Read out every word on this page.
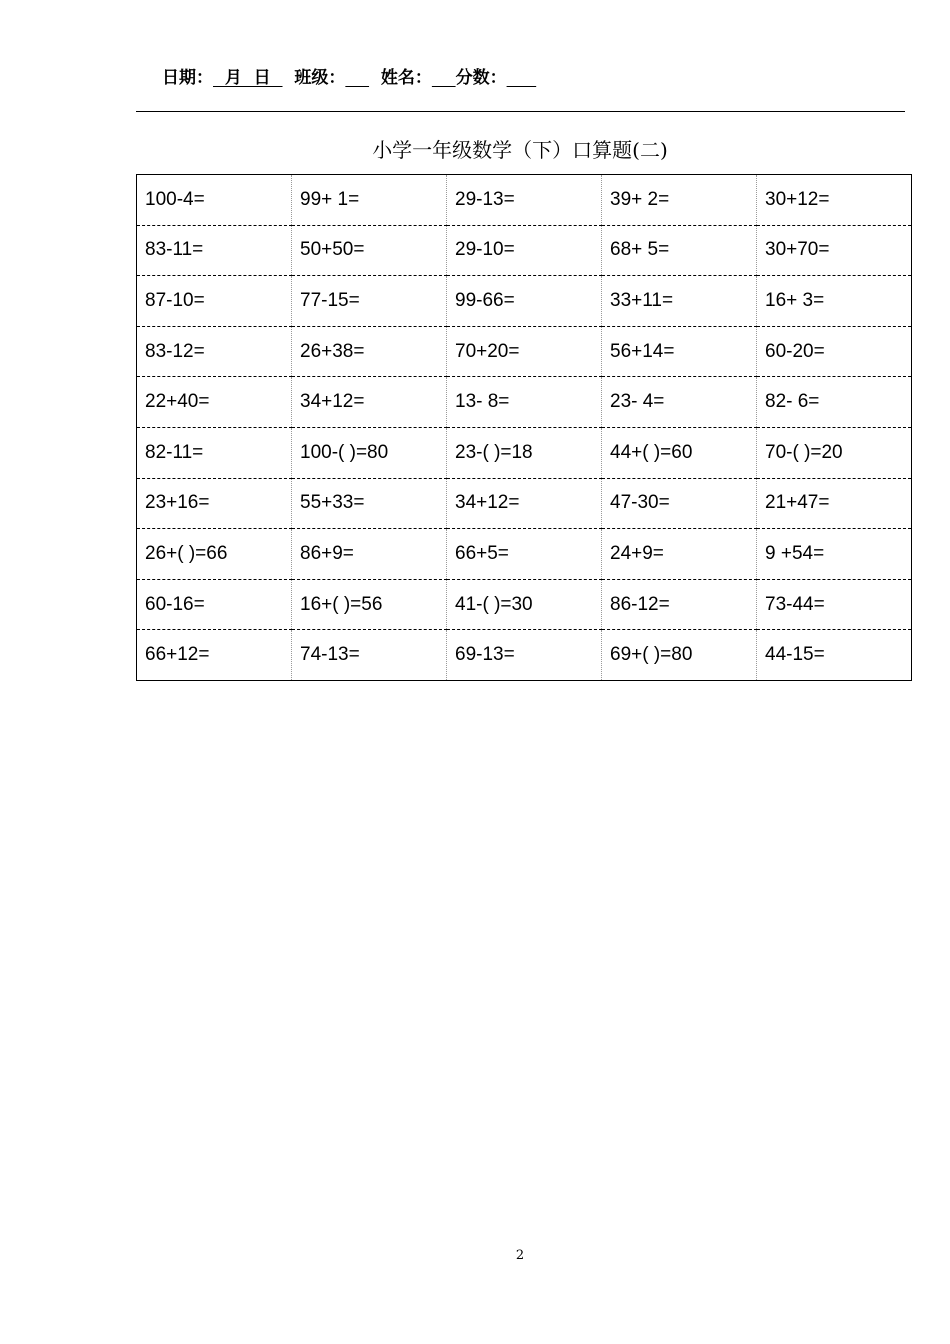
日期：  月  日    班级： 姓名： 分数：
小学一年级数学（下）口算题(二)
100-4=	99+ 1=	29-13=	39+ 2=	30+12=
83-11=	50+50=	29-10=	68+ 5=	30+70=
87-10=	77-15=	99-66=	33+11=	16+ 3=
83-12=	26+38=	70+20=	56+14=	60-20=
22+40=	34+12=	13- 8=	23- 4=	82- 6=
82-11=	100-( )=80	23-( )=18	44+( )=60	70-( )=20
23+16=	55+33=	34+12=	47-30=	21+47=
26+( )=66	86+9=	66+5=	24+9=	9 +54=
60-16=	16+( )=56	41-( )=30	86-12=	73-44=
66+12=	74-13=	69-13=	69+( )=80	44-15=
2
